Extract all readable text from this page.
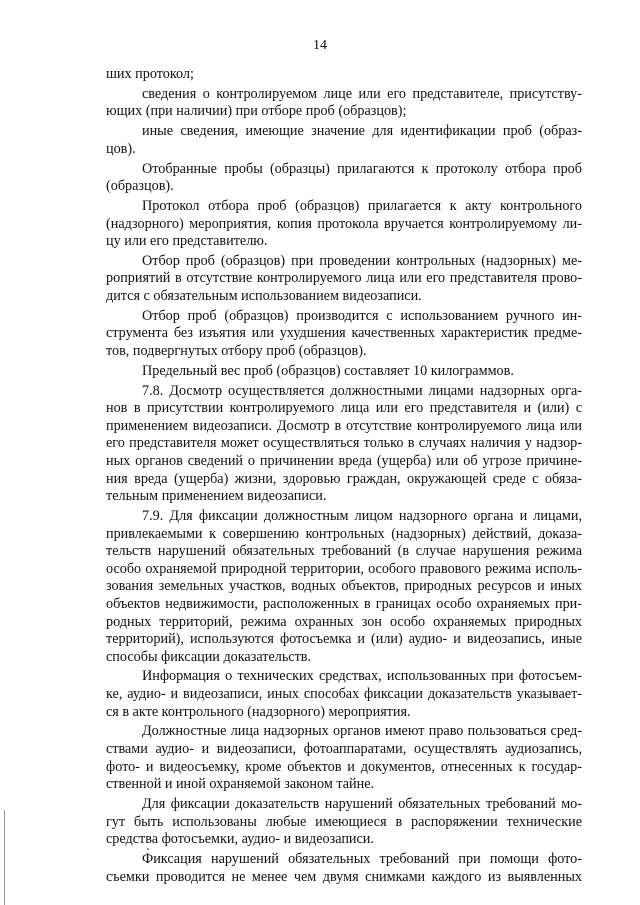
14
ших протокол;
сведения о контролируемом лице или его представителе, присутству-
ющих (при наличии) при отборе проб (образцов);
иные сведения, имеющие значение для идентификации проб (образ-
цов).
Отобранные пробы (образцы) прилагаются к протоколу отбора проб
(образцов).
Протокол отбора проб (образцов) прилагается к акту контрольного
(надзорного) мероприятия, копия протокола вручается контролируемому ли-
цу или его представителю.
Отбор проб (образцов) при проведении контрольных (надзорных) ме-
роприятий в отсутствие контролируемого лица или его представителя прово-
дится с обязательным использованием видеозаписи.
Отбор проб (образцов) производится с использованием ручного ин-
струмента без изъятия или ухудшения качественных характеристик предме-
тов, подвергнутых отбору проб (образцов).
Предельный вес проб (образцов) составляет 10 килограммов.
7.8. Досмотр осуществляется должностными лицами надзорных орга-
нов в присутствии контролируемого лица или его представителя и (или) с
применением видеозаписи. Досмотр в отсутствие контролируемого лица или
его представителя может осуществляться только в случаях наличия у надзор-
ных органов сведений о причинении вреда (ущерба) или об угрозе причине-
ния вреда (ущерба) жизни, здоровью граждан, окружающей среде с обяза-
тельным применением видеозаписи.
7.9. Для фиксации должностным лицом надзорного органа и лицами,
привлекаемыми к совершению контрольных (надзорных) действий, доказа-
тельств нарушений обязательных требований (в случае нарушения режима
особо охраняемой природной территории, особого правового режима исполь-
зования земельных участков, водных объектов, природных ресурсов и иных
объектов недвижимости, расположенных в границах особо охраняемых при-
родных территорий, режима охранных зон особо охраняемых природных
территорий), используются фотосъемка и (или) аудио- и видеозапись, иные
способы фиксации доказательств.
Информация о технических средствах, использованных при фотосъем-
ке, аудио- и видеозаписи, иных способах фиксации доказательств указывает-
ся в акте контрольного (надзорного) мероприятия.
Должностные лица надзорных органов имеют право пользоваться сред-
ствами аудио- и видеозаписи, фотоаппаратами, осуществлять аудиозапись,
фото- и видеосъемку, кроме объектов и документов, отнесенных к государ-
ственной и иной охраняемой законом тайне.
Для фиксации доказательств нарушений обязательных требований мо-
гут быть использованы любые имеющиеся в распоряжении технические
средства фотосъемки, аудио- и видеозаписи.
Фиксация нарушений обязательных требований при помощи фото-
съемки проводится не менее чем двумя снимками каждого из выявленных
